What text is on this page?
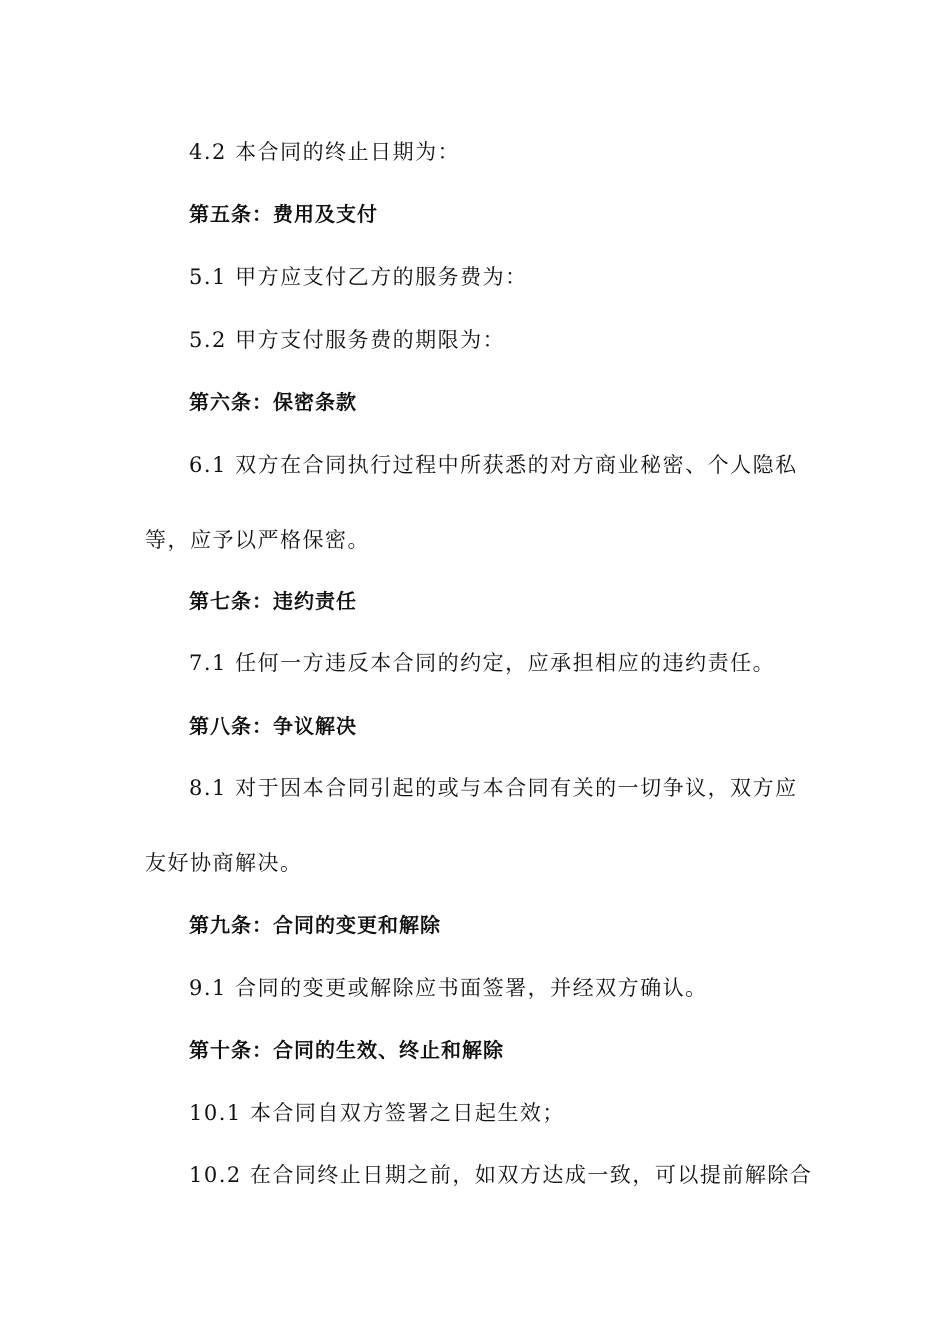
4.2 本合同的终止日期为：
第五条：费用及支付
5.1 甲方应支付乙方的服务费为：
5.2 甲方支付服务费的期限为：
第六条：保密条款
6.1 双方在合同执行过程中所获悉的对方商业秘密、个人隐私
等，应予以严格保密。
第七条：违约责任
7.1 任何一方违反本合同的约定，应承担相应的违约责任。
第八条：争议解决
8.1 对于因本合同引起的或与本合同有关的一切争议，双方应
友好协商解决。
第九条：合同的变更和解除
9.1 合同的变更或解除应书面签署，并经双方确认。
第十条：合同的生效、终止和解除
10.1 本合同自双方签署之日起生效；
10.2 在合同终止日期之前，如双方达成一致，可以提前解除合
